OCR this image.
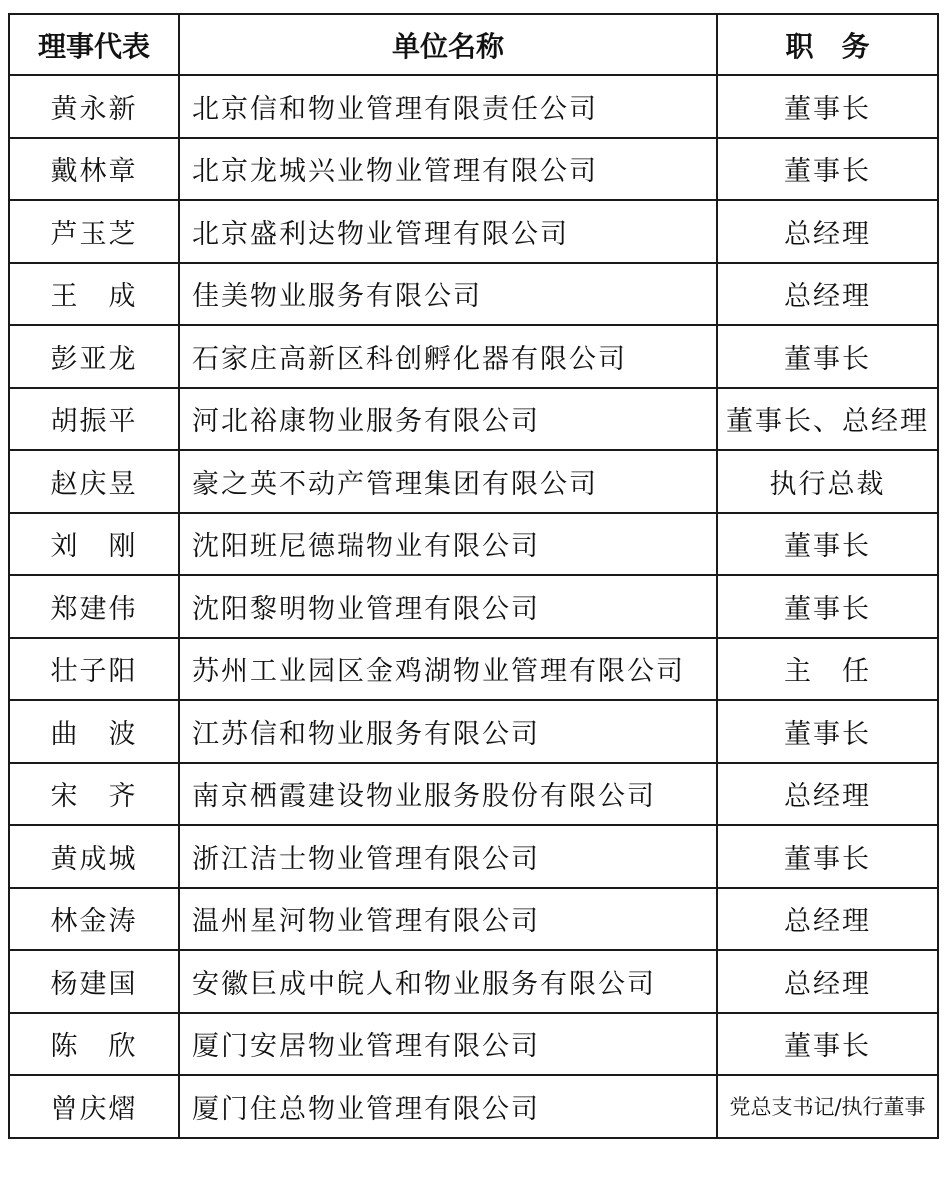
理事代表	单位名称	职　务
黄永新	北京信和物业管理有限责任公司	董事长
戴林章	北京龙城兴业物业管理有限公司	董事长
芦玉芝	北京盛利达物业管理有限公司	总经理
王　成	佳美物业服务有限公司	总经理
彭亚龙	石家庄高新区科创孵化器有限公司	董事长
胡振平	河北裕康物业服务有限公司	董事长、总经理
赵庆昱	豪之英不动产管理集团有限公司	执行总裁
刘　刚	沈阳班尼德瑞物业有限公司	董事长
郑建伟	沈阳黎明物业管理有限公司	董事长
壮子阳	苏州工业园区金鸡湖物业管理有限公司	主　任
曲　波	江苏信和物业服务有限公司	董事长
宋　齐	南京栖霞建设物业服务股份有限公司	总经理
黄成城	浙江洁士物业管理有限公司	董事长
林金涛	温州星河物业管理有限公司	总经理
杨建国	安徽巨成中皖人和物业服务有限公司	总经理
陈　欣	厦门安居物业管理有限公司	董事长
曾庆熠	厦门住总物业管理有限公司	党总支书记/执行董事
